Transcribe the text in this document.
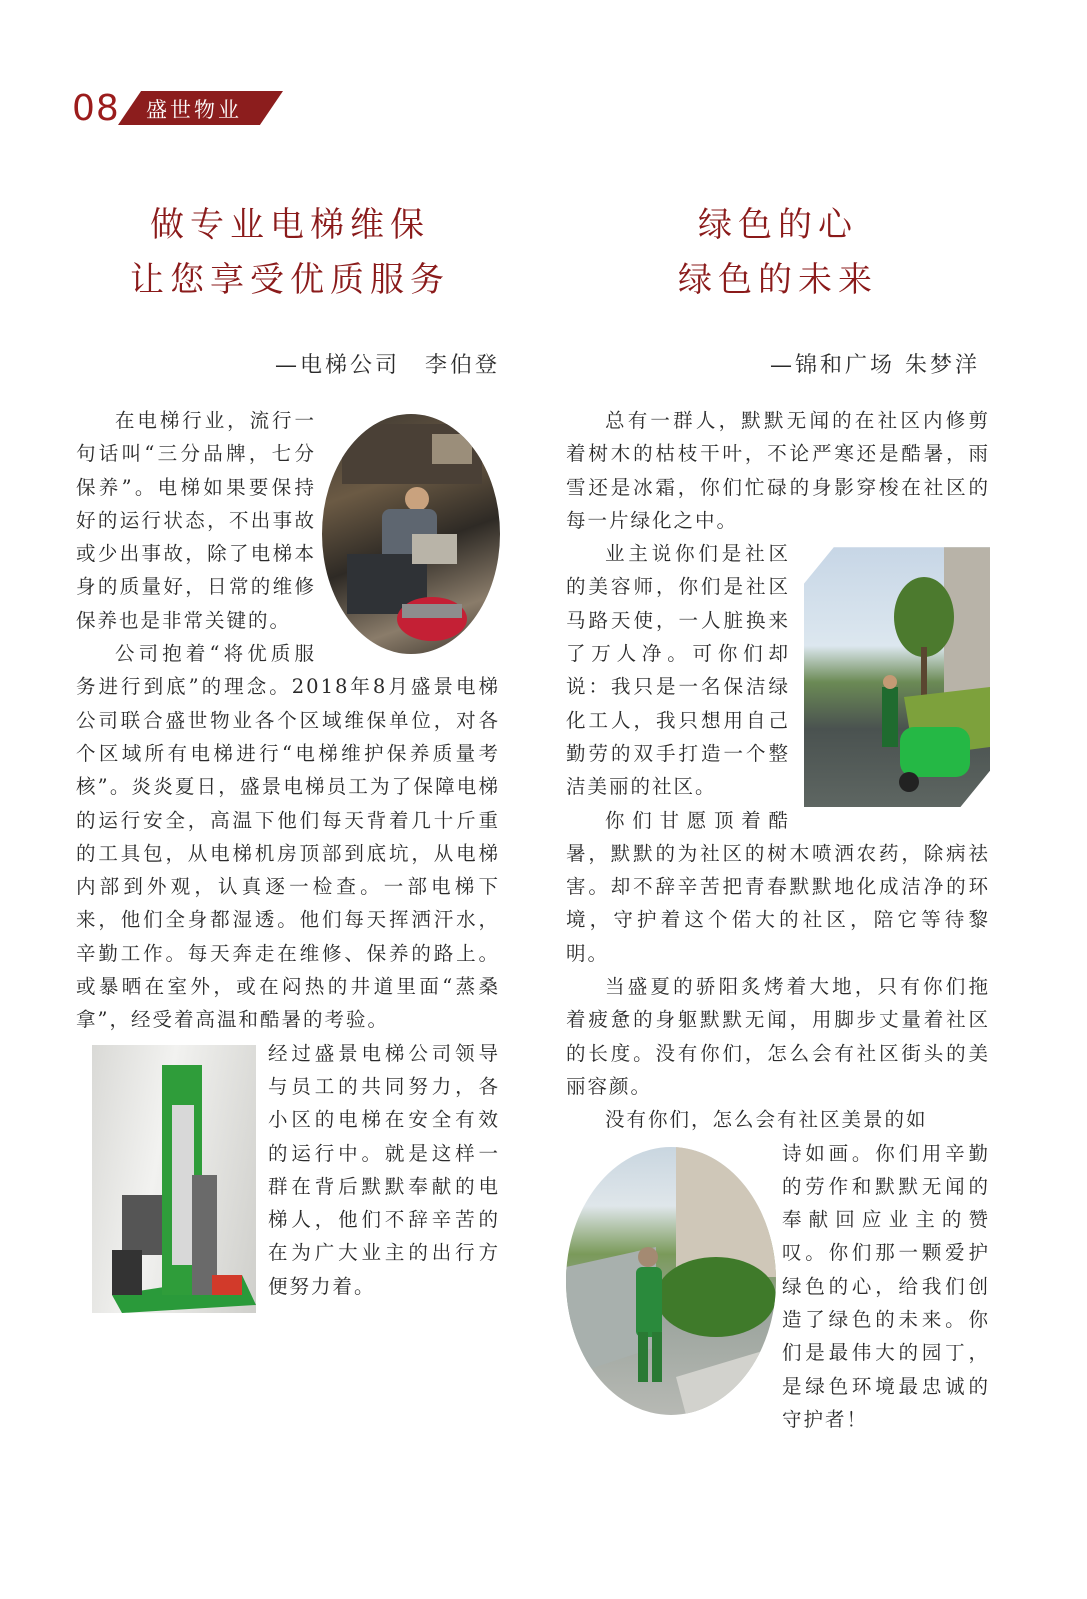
08 盛世物业
做专业电梯维保
让您享受优质服务
—电梯公司　李伯登
绿色的心
绿色的未来
—锦和广场 朱梦洋

在电梯行业，流行一句话叫“三分品牌，七分保养”。电梯如果要保持好的运行状态，不出事故或少出事故，除了电梯本身的质量好，日常的维修保养也是非常关键的。

公司抱着“将优质服务进行到底”的理念。2018年8月盛景电梯公司联合盛世物业各个区域维保单位，对各个区域所有电梯进行“电梯维护保养质量考核”。炎炎夏日，盛景电梯员工为了保障电梯的运行安全，高温下他们每天背着几十斤重的工具包，从电梯机房顶部到底坑，从电梯内部到外观，认真逐一检查。一部电梯下来，他们全身都湿透。他们每天挥洒汗水，辛勤工作。每天奔走在维修、保养的路上。或暴晒在室外，或在闷热的井道里面“蒸桑拿”，经受着高温和酷暑的考验。

经过盛景电梯公司领导与员工的共同努力，各小区的电梯在安全有效的运行中。就是这样一群在背后默默奉献的电梯人，他们不辞辛苦的在为广大业主的出行方便努力着。

总有一群人，默默无闻的在社区内修剪着树木的枯枝干叶，不论严寒还是酷暑，雨雪还是冰霜，你们忙碌的身影穿梭在社区的每一片绿化之中。

业主说你们是社区的美容师，你们是社区马路天使，一人脏换来了万人净。可你们却说：我只是一名保洁绿化工人，我只想用自己勤劳的双手打造一个整洁美丽的社区。

你们甘愿顶着酷暑，默默的为社区的树木喷洒农药，除病祛害。却不辞辛苦把青春默默地化成洁净的环境，守护着这个偌大的社区，陪它等待黎明。

当盛夏的骄阳炙烤着大地，只有你们拖着疲惫的身躯默默无闻，用脚步丈量着社区的长度。没有你们，怎么会有社区街头的美丽容颜。

没有你们，怎么会有社区美景的如

诗如画。你们用辛勤的劳作和默默无闻的奉献回应业主的赞叹。你们那一颗爱护绿色的心，给我们创造了绿色的未来。你们是最伟大的园丁，是绿色环境最忠诚的守护者！
